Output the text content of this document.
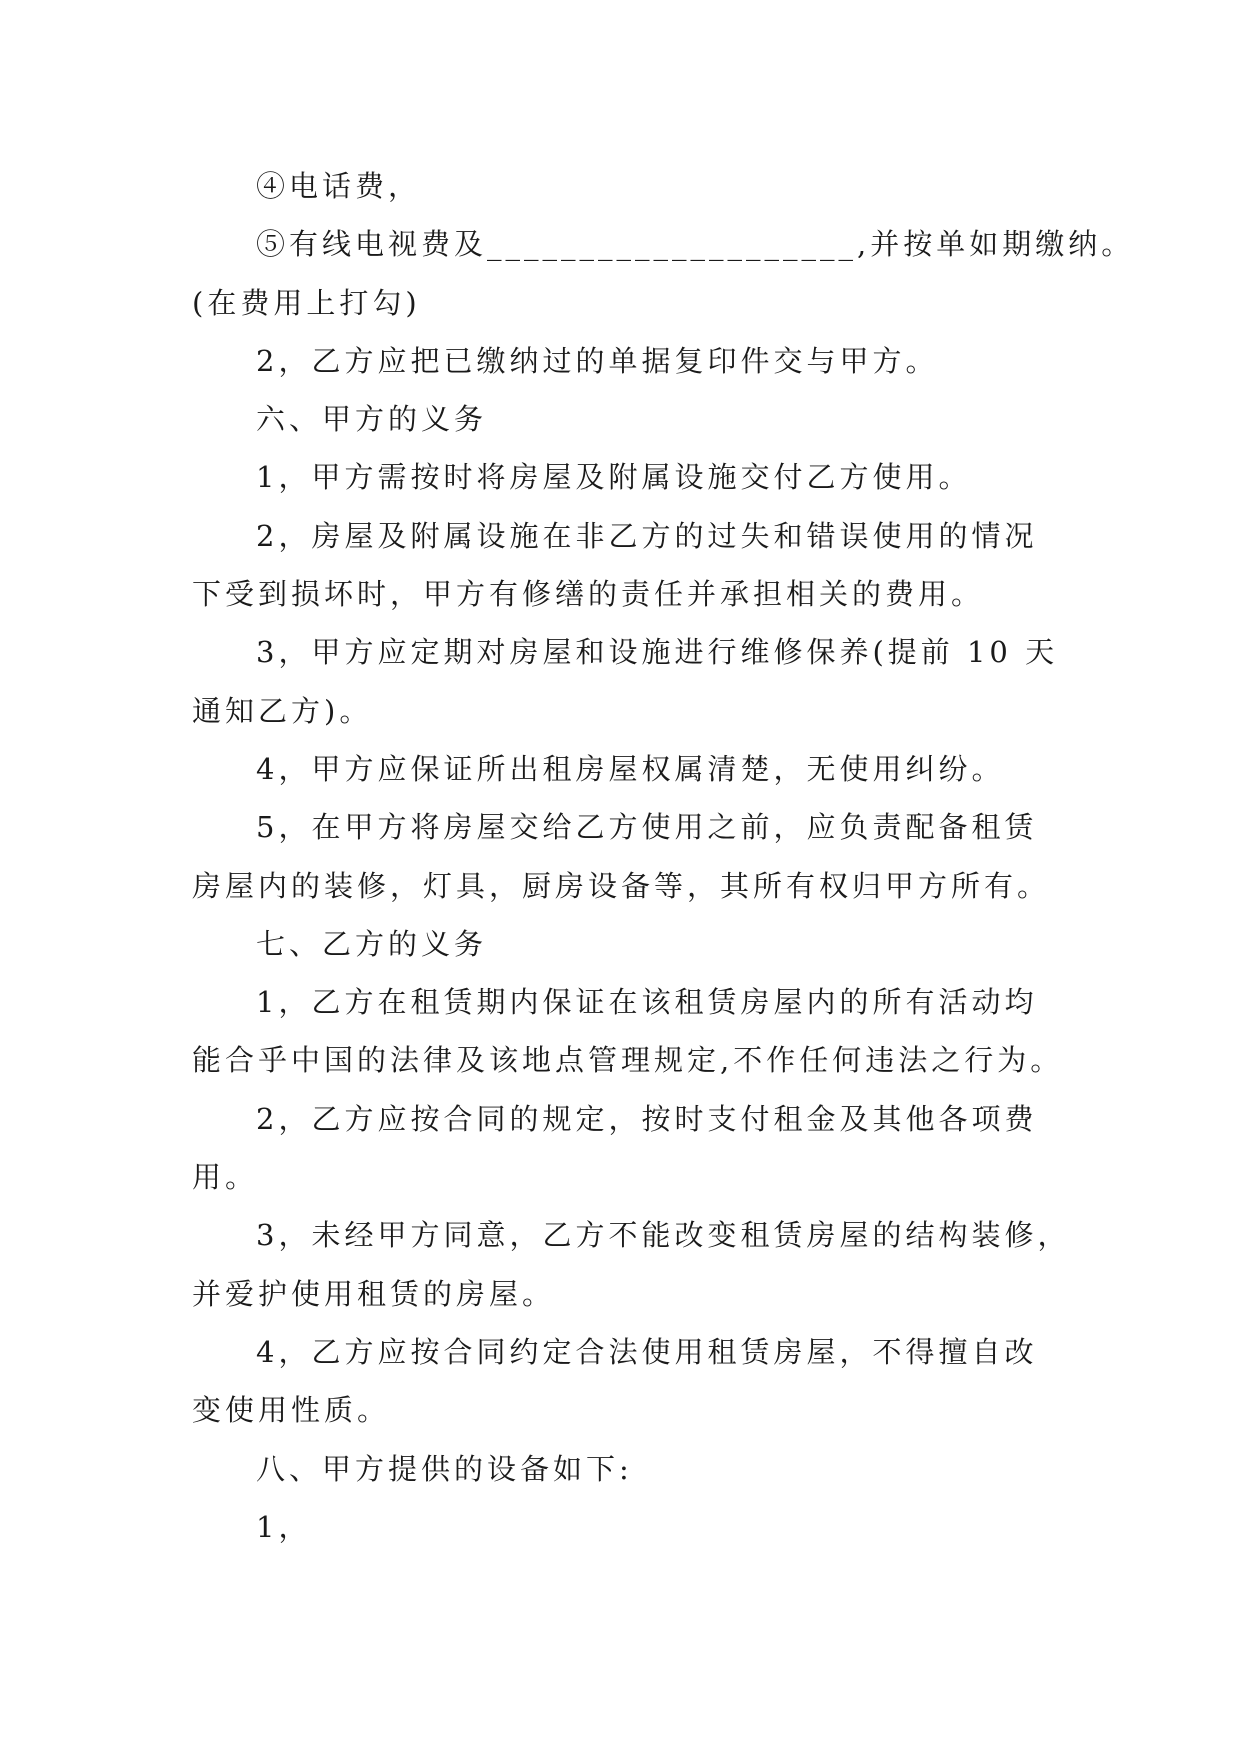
④电话费，
⑤有线电视费及____________________,并按单如期缴纳。
(在费用上打勾)
2，乙方应把已缴纳过的单据复印件交与甲方。
六、甲方的义务
1，甲方需按时将房屋及附属设施交付乙方使用。
2，房屋及附属设施在非乙方的过失和错误使用的情况
下受到损坏时，甲方有修缮的责任并承担相关的费用。
3，甲方应定期对房屋和设施进行维修保养(提前 10 天
通知乙方)。
4，甲方应保证所出租房屋权属清楚，无使用纠纷。
5，在甲方将房屋交给乙方使用之前，应负责配备租赁
房屋内的装修，灯具，厨房设备等，其所有权归甲方所有。
七、乙方的义务
1，乙方在租赁期内保证在该租赁房屋内的所有活动均
能合乎中国的法律及该地点管理规定,不作任何违法之行为。
2，乙方应按合同的规定，按时支付租金及其他各项费
用。
3，未经甲方同意，乙方不能改变租赁房屋的结构装修，
并爱护使用租赁的房屋。
4，乙方应按合同约定合法使用租赁房屋，不得擅自改
变使用性质。
八、甲方提供的设备如下:
1，
